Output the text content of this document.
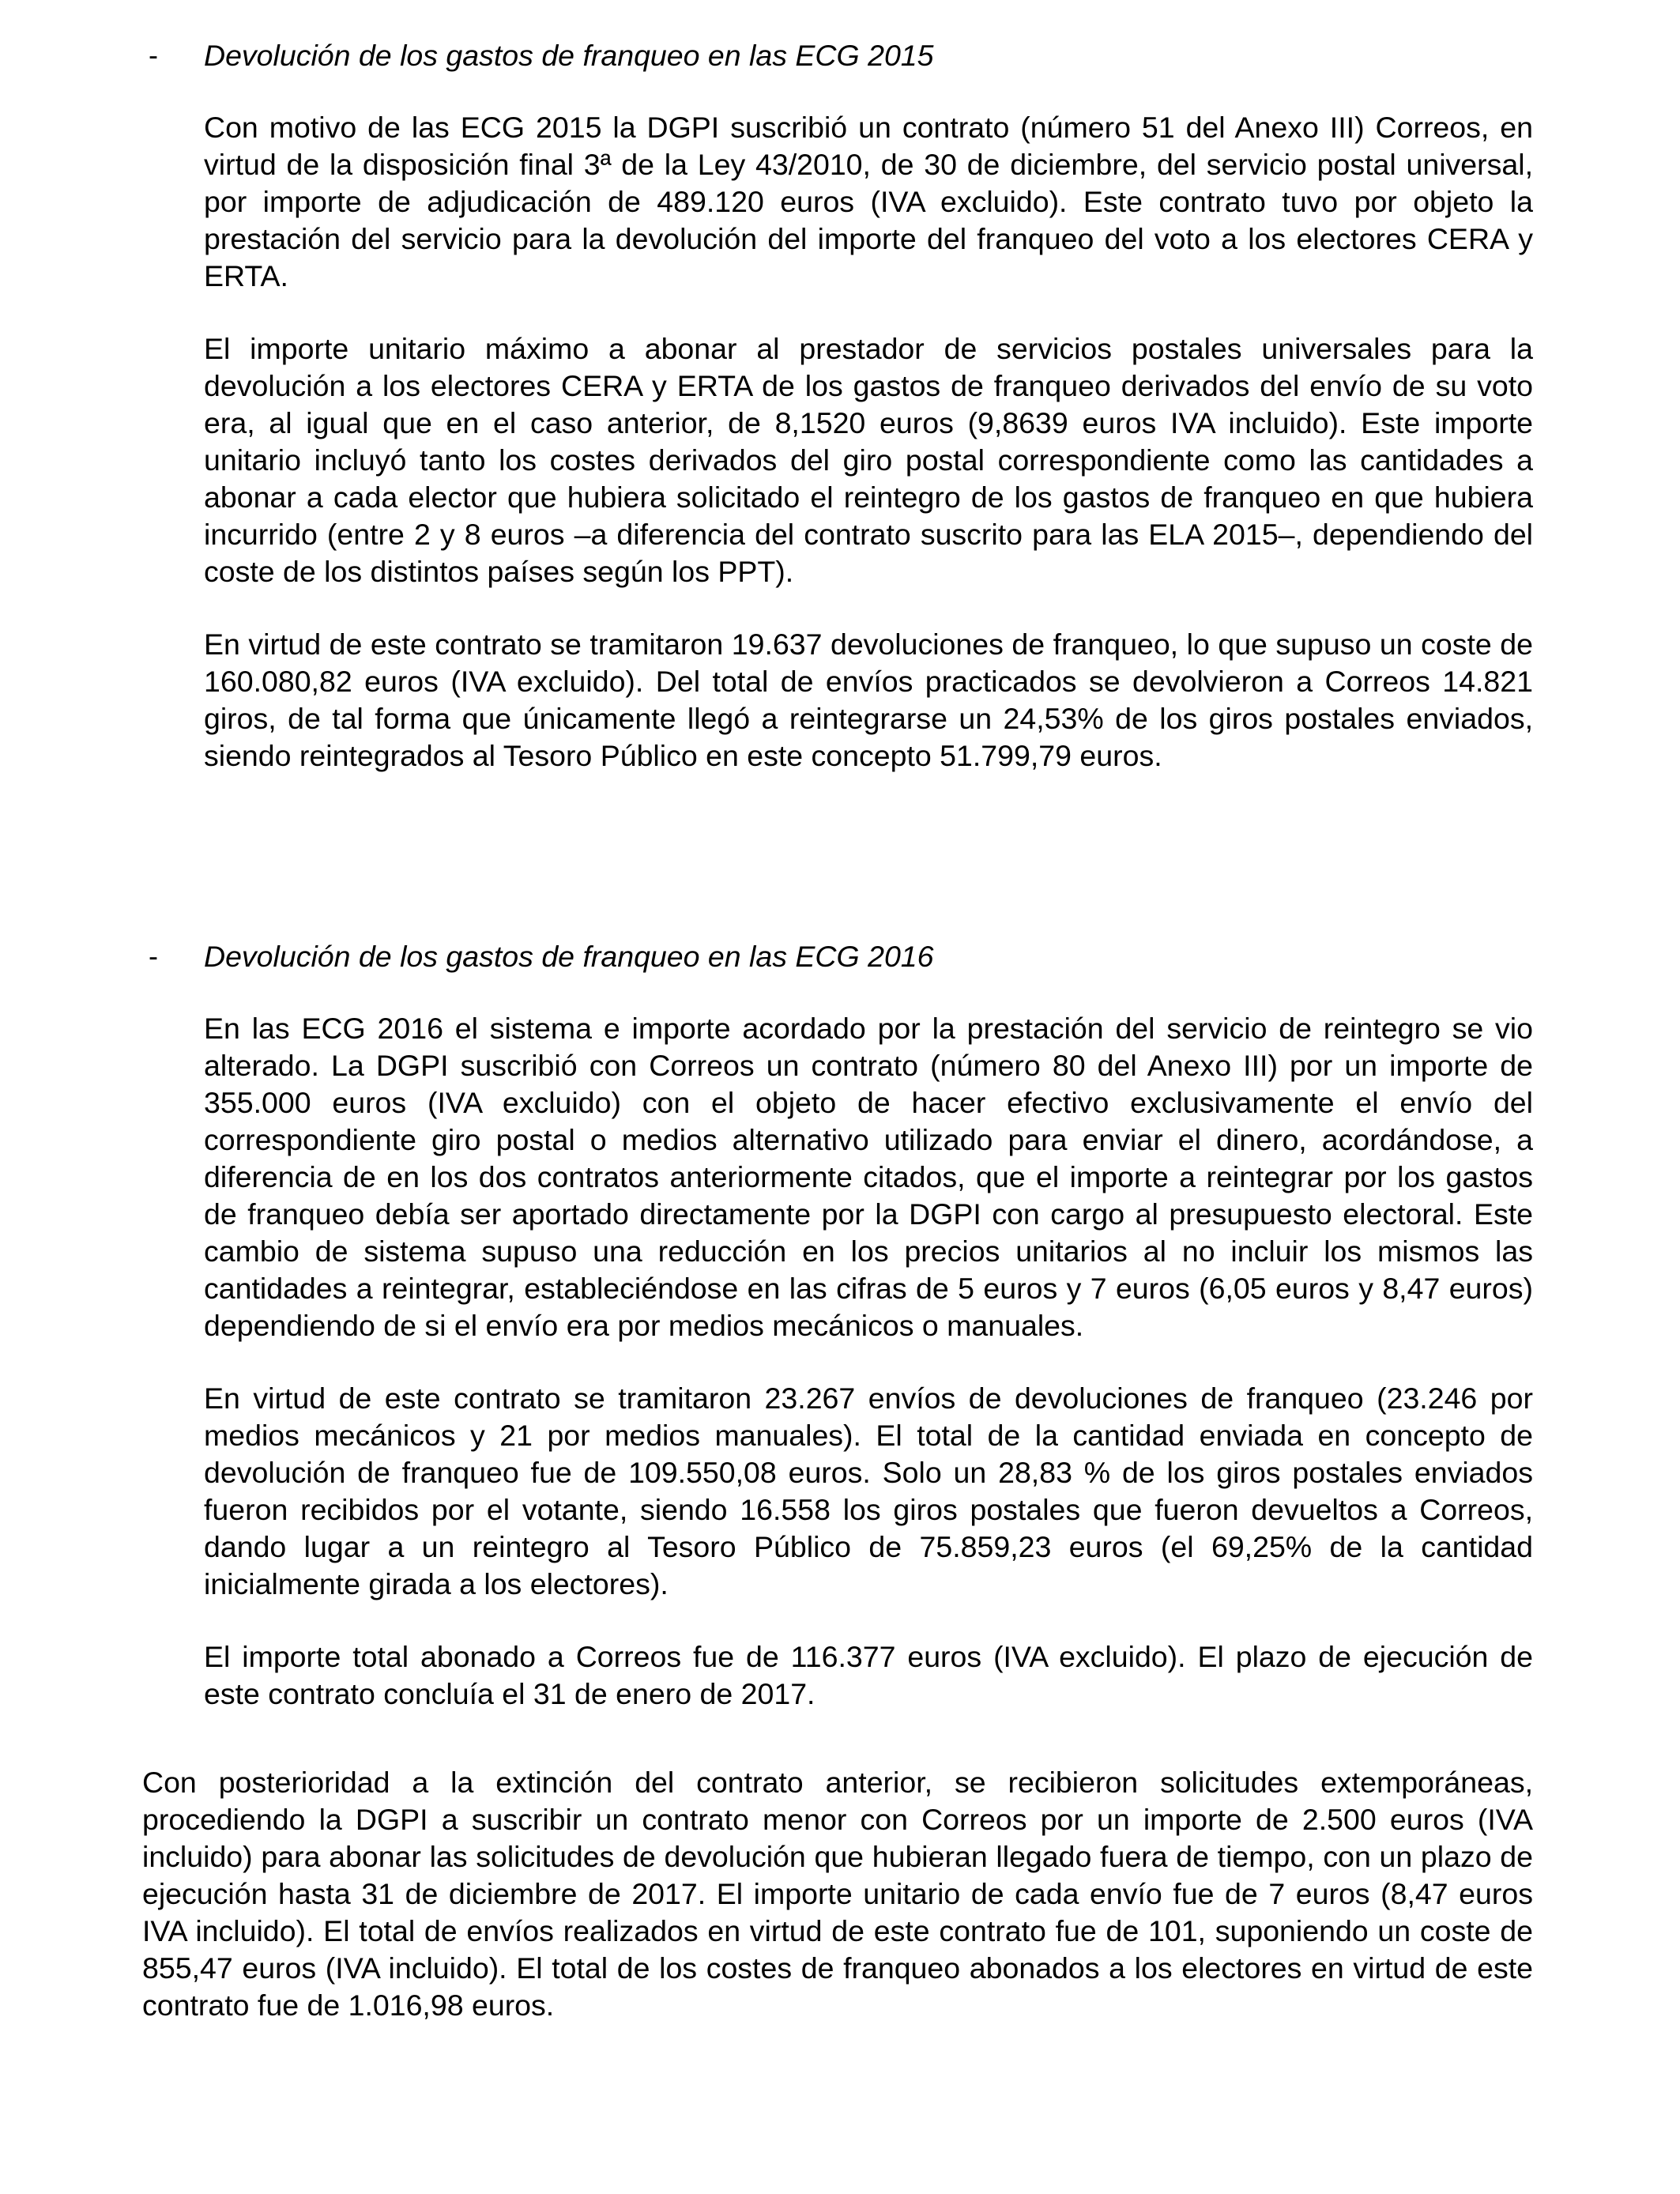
- Devolución de los gastos de franqueo en las ECG 2015

Con motivo de las ECG 2015 la DGPI suscribió un contrato (número 51 del Anexo III) Correos, en virtud de la disposición final 3ª de la Ley 43/2010, de 30 de diciembre, del servicio postal universal, por importe de adjudicación de 489.120 euros (IVA excluido). Este contrato tuvo por objeto la prestación del servicio para la devolución del importe del franqueo del voto a los electores CERA y ERTA.

El importe unitario máximo a abonar al prestador de servicios postales universales para la devolución a los electores CERA y ERTA de los gastos de franqueo derivados del envío de su voto era, al igual que en el caso anterior, de 8,1520 euros (9,8639 euros IVA incluido). Este importe unitario incluyó tanto los costes derivados del giro postal correspondiente como las cantidades a abonar a cada elector que hubiera solicitado el reintegro de los gastos de franqueo en que hubiera incurrido (entre 2 y 8 euros –a diferencia del contrato suscrito para las ELA 2015–, dependiendo del coste de los distintos países según los PPT).

En virtud de este contrato se tramitaron 19.637 devoluciones de franqueo, lo que supuso un coste de 160.080,82 euros (IVA excluido). Del total de envíos practicados se devolvieron a Correos 14.821 giros, de tal forma que únicamente llegó a reintegrarse un 24,53% de los giros postales enviados, siendo reintegrados al Tesoro Público en este concepto 51.799,79 euros.

- Devolución de los gastos de franqueo en las ECG 2016

En las ECG 2016 el sistema e importe acordado por la prestación del servicio de reintegro se vio alterado. La DGPI suscribió con Correos un contrato (número 80 del Anexo III) por un importe de 355.000 euros (IVA excluido) con el objeto de hacer efectivo exclusivamente el envío del correspondiente giro postal o medios alternativo utilizado para enviar el dinero, acordándose, a diferencia de en los dos contratos anteriormente citados, que el importe a reintegrar por los gastos de franqueo debía ser aportado directamente por la DGPI con cargo al presupuesto electoral. Este cambio de sistema supuso una reducción en los precios unitarios al no incluir los mismos las cantidades a reintegrar, estableciéndose en las cifras de 5 euros y 7 euros (6,05 euros y 8,47 euros) dependiendo de si el envío era por medios mecánicos o manuales.

En virtud de este contrato se tramitaron 23.267 envíos de devoluciones de franqueo (23.246 por medios mecánicos y 21 por medios manuales). El total de la cantidad enviada en concepto de devolución de franqueo fue de 109.550,08 euros. Solo un 28,83 % de los giros postales enviados fueron recibidos por el votante, siendo 16.558 los giros postales que fueron devueltos a Correos, dando lugar a un reintegro al Tesoro Público de 75.859,23 euros (el 69,25% de la cantidad inicialmente girada a los electores).

El importe total abonado a Correos fue de 116.377 euros (IVA excluido). El plazo de ejecución de este contrato concluía el 31 de enero de 2017.

Con posterioridad a la extinción del contrato anterior, se recibieron solicitudes extemporáneas, procediendo la DGPI a suscribir un contrato menor con Correos por un importe de 2.500 euros (IVA incluido) para abonar las solicitudes de devolución que hubieran llegado fuera de tiempo, con un plazo de ejecución hasta 31 de diciembre de 2017. El importe unitario de cada envío fue de 7 euros (8,47 euros IVA incluido). El total de envíos realizados en virtud de este contrato fue de 101, suponiendo un coste de 855,47 euros (IVA incluido). El total de los costes de franqueo abonados a los electores en virtud de este contrato fue de 1.016,98 euros.
